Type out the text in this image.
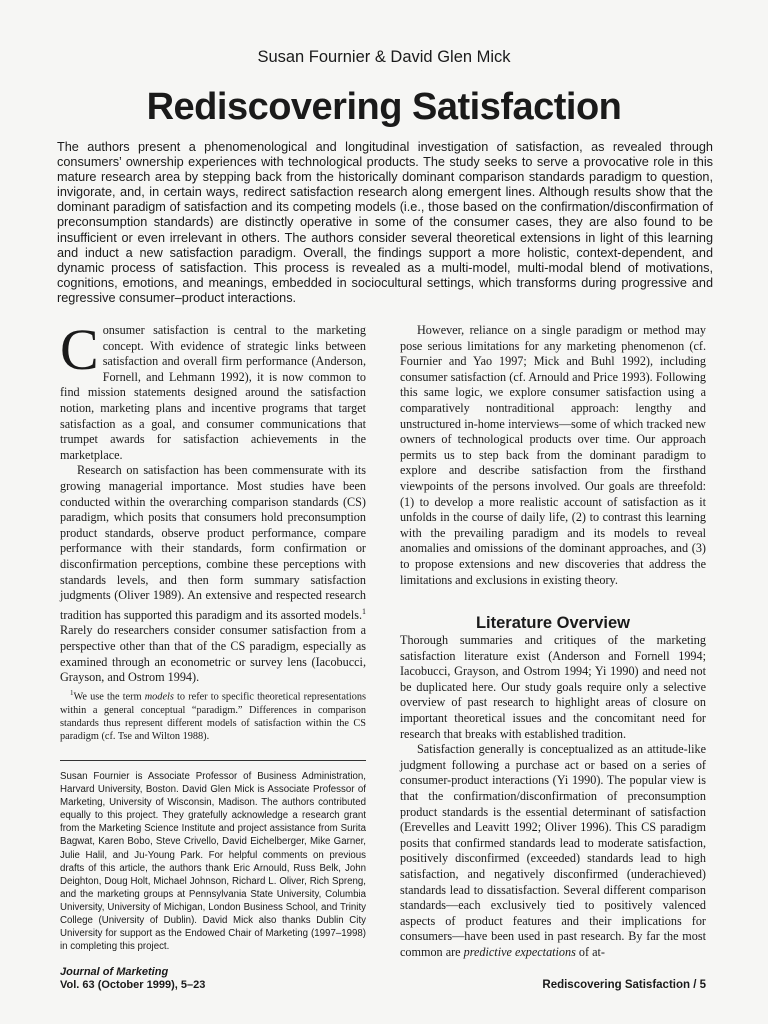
Susan Fournier & David Glen Mick
Rediscovering Satisfaction
The authors present a phenomenological and longitudinal investigation of satisfaction, as revealed through consumers’ ownership experiences with technological products. The study seeks to serve a provocative role in this mature research area by stepping back from the historically dominant comparison standards paradigm to question, invigorate, and, in certain ways, redirect satisfaction research along emergent lines. Although results show that the dominant paradigm of satisfaction and its competing models (i.e., those based on the confirmation/disconfirmation of preconsumption standards) are distinctly operative in some of the consumer cases, they are also found to be insufficient or even irrelevant in others. The authors consider several theoretical extensions in light of this learning and induct a new satisfaction paradigm. Overall, the findings support a more holistic, context-dependent, and dynamic process of satisfaction. This process is revealed as a multi-model, multi-modal blend of motivations, cognitions, emotions, and meanings, embedded in sociocultural settings, which transforms during progressive and regressive consumer–product interactions.

Consumer satisfaction is central to the marketing concept. With evidence of strategic links between satisfaction and overall firm performance (Anderson, Fornell, and Lehmann 1992), it is now common to find mission statements designed around the satisfaction notion, marketing plans and incentive programs that target satisfaction as a goal, and consumer communications that trumpet awards for satisfaction achievements in the marketplace.

Research on satisfaction has been commensurate with its growing managerial importance. Most studies have been conducted within the overarching comparison standards (CS) paradigm, which posits that consumers hold preconsumption product standards, observe product performance, compare performance with their standards, form confirmation or disconfirmation perceptions, combine these perceptions with standards levels, and then form summary satisfaction judgments (Oliver 1989). An extensive and respected research tradition has supported this paradigm and its assorted models.$^1$ Rarely do researchers consider consumer satisfaction from a perspective other than that of the CS paradigm, especially as examined through an econometric or survey lens (Iacobucci, Grayson, and Ostrom 1994).

$^1$We use the term models to refer to specific theoretical representations within a general conceptual “paradigm.” Differences in comparison standards thus represent different models of satisfaction within the CS paradigm (cf. Tse and Wilton 1988).

Susan Fournier is Associate Professor of Business Administration, Harvard University, Boston. David Glen Mick is Associate Professor of Marketing, University of Wisconsin, Madison. The authors contributed equally to this project. They gratefully acknowledge a research grant from the Marketing Science Institute and project assistance from Surita Bagwat, Karen Bobo, Steve Crivello, David Eichelberger, Mike Garner, Julie Halil, and Ju-Young Park. For helpful comments on previous drafts of this article, the authors thank Eric Arnould, Russ Belk, John Deighton, Doug Holt, Michael Johnson, Richard L. Oliver, Rich Spreng, and the marketing groups at Pennsylvania State University, Columbia University, University of Michigan, London Business School, and Trinity College (University of Dublin). David Mick also thanks Dublin City University for support as the Endowed Chair of Marketing (1997–1998) in completing this project.

However, reliance on a single paradigm or method may pose serious limitations for any marketing phenomenon (cf. Fournier and Yao 1997; Mick and Buhl 1992), including consumer satisfaction (cf. Arnould and Price 1993). Following this same logic, we explore consumer satisfaction using a comparatively nontraditional approach: lengthy and unstructured in-home interviews—some of which tracked new owners of technological products over time. Our approach permits us to step back from the dominant paradigm to explore and describe satisfaction from the firsthand viewpoints of the persons involved. Our goals are threefold: (1) to develop a more realistic account of satisfaction as it unfolds in the course of daily life, (2) to contrast this learning with the prevailing paradigm and its models to reveal anomalies and omissions of the dominant approaches, and (3) to propose extensions and new discoveries that address the limitations and exclusions in existing theory.

Literature Overview

Thorough summaries and critiques of the marketing satisfaction literature exist (Anderson and Fornell 1994; Iacobucci, Grayson, and Ostrom 1994; Yi 1990) and need not be duplicated here. Our study goals require only a selective overview of past research to highlight areas of closure on important theoretical issues and the concomitant need for research that breaks with established tradition.

Satisfaction generally is conceptualized as an attitude-like judgment following a purchase act or based on a series of consumer-product interactions (Yi 1990). The popular view is that the confirmation/disconfirmation of preconsumption product standards is the essential determinant of satisfaction (Erevelles and Leavitt 1992; Oliver 1996). This CS paradigm posits that confirmed standards lead to moderate satisfaction, positively disconfirmed (exceeded) standards lead to high satisfaction, and negatively disconfirmed (underachieved) standards lead to dissatisfaction. Several different comparison standards—each exclusively tied to positively valenced aspects of product features and their implications for consumers—have been used in past research. By far the most common are predictive expectations of at-

Journal of Marketing
Vol. 63 (October 1999), 5–23	Rediscovering Satisfaction / 5
